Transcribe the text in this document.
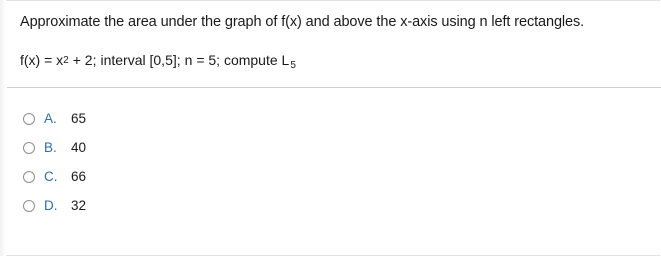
Approximate the area under the graph of f(x) and above the x-axis using n left rectangles.
$f(x) = x^2 + 2$; interval [0,5]; n = 5; compute $L_5$
A.	65
B.	40
C.	66
D.	32
